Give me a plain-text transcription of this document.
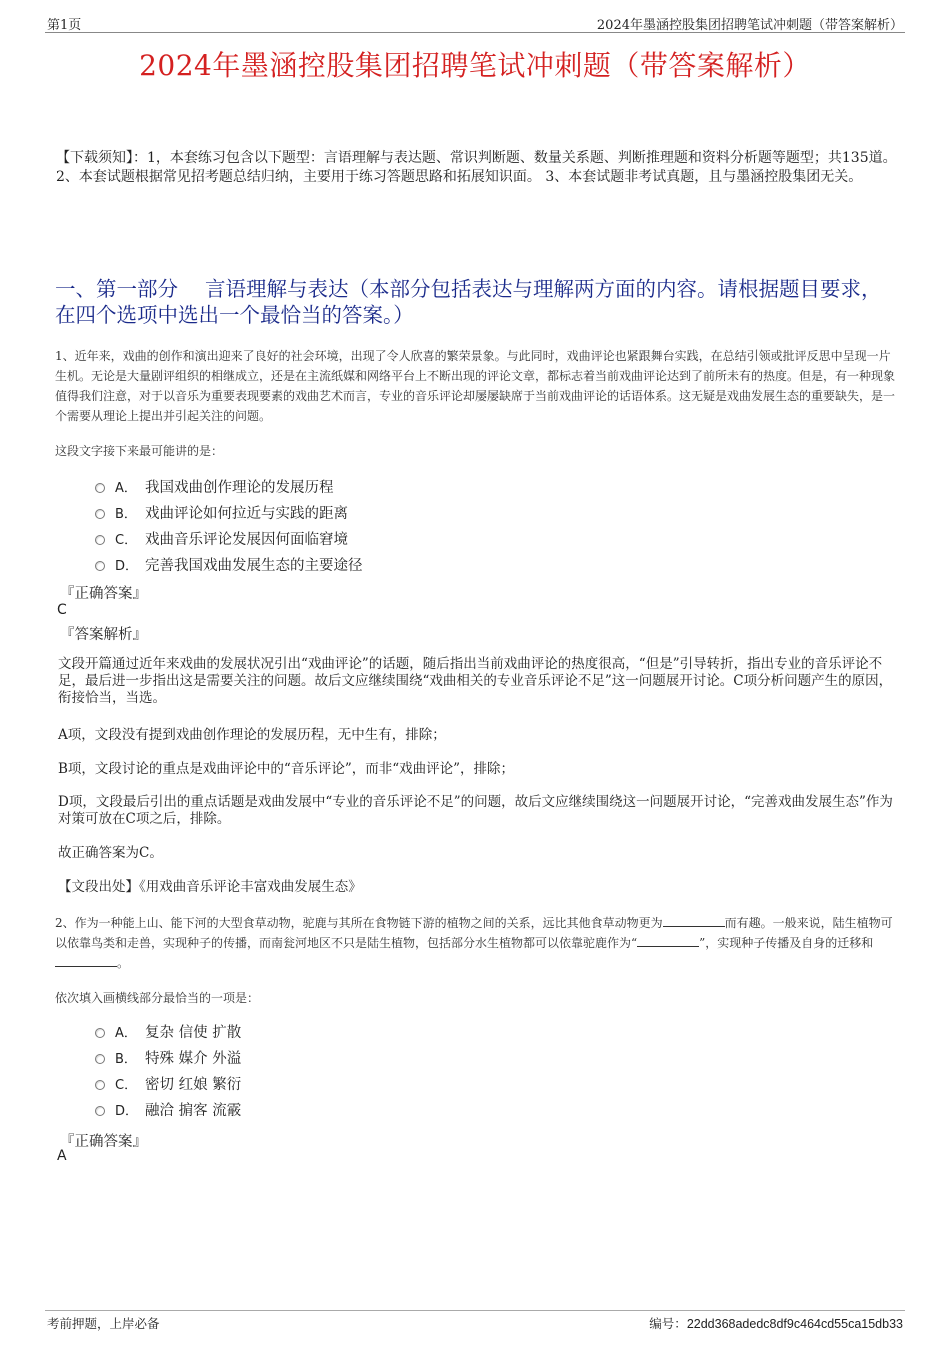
第1页	2024年墨涵控股集团招聘笔试冲刺题（带答案解析）
2024年墨涵控股集团招聘笔试冲刺题（带答案解析）
【下载须知】：1，本套练习包含以下题型：言语理解与表达题、常识判断题、数量关系题、判断推理题和资料分析题等题型；共135道。 2、本套试题根据常见招考题总结归纳，主要用于练习答题思路和拓展知识面。 3、本套试题非考试真题，且与墨涵控股集团无关。
一、第一部分　 言语理解与表达（本部分包括表达与理解两方面的内容。请根据题目要求，在四个选项中选出一个最恰当的答案。）
1、近年来，戏曲的创作和演出迎来了良好的社会环境，出现了令人欣喜的繁荣景象。与此同时，戏曲评论也紧跟舞台实践，在总结引领或批评反思中呈现一片生机。无论是大量剧评组织的相继成立，还是在主流纸媒和网络平台上不断出现的评论文章，都标志着当前戏曲评论达到了前所未有的热度。但是，有一种现象值得我们注意，对于以音乐为重要表现要素的戏曲艺术而言，专业的音乐评论却屡屡缺席于当前戏曲评论的话语体系。这无疑是戏曲发展生态的重要缺失，是一个需要从理论上提出并引起关注的问题。
这段文字接下来最可能讲的是：
A． 我国戏曲创作理论的发展历程
B． 戏曲评论如何拉近与实践的距离
C． 戏曲音乐评论发展因何面临窘境
D． 完善我国戏曲发展生态的主要途径
『正确答案』
C
『答案解析』
文段开篇通过近年来戏曲的发展状况引出“戏曲评论”的话题，随后指出当前戏曲评论的热度很高，“但是”引导转折，指出专业的音乐评论不足，最后进一步指出这是需要关注的问题。故后文应继续围绕“戏曲相关的专业音乐评论不足”这一问题展开讨论。C项分析问题产生的原因，衔接恰当，当选。
A项，文段没有提到戏曲创作理论的发展历程，无中生有，排除；
B项，文段讨论的重点是戏曲评论中的“音乐评论”，而非“戏曲评论”，排除；
D项，文段最后引出的重点话题是戏曲发展中“专业的音乐评论不足”的问题，故后文应继续围绕这一问题展开讨论，“完善戏曲发展生态”作为对策可放在C项之后，排除。
故正确答案为C。
【文段出处】《用戏曲音乐评论丰富戏曲发展生态》
2、作为一种能上山、能下河的大型食草动物，驼鹿与其所在食物链下游的植物之间的关系，远比其他食草动物更为	而有趣。一般来说，陆生植物可以依靠鸟类和走兽，实现种子的传播，而南瓮河地区不只是陆生植物，包括部分水生植物都可以依靠驼鹿作为“	”，实现种子传播及自身的迁移和。
依次填入画横线部分最恰当的一项是：
A． 复杂 信使 扩散
B． 特殊 媒介 外溢
C． 密切 红娘 繁衍
D． 融洽 掮客 流霰
『正确答案』
A
考前押题，上岸必备	编号：22dd368adedc8df9c464cd55ca15db33
